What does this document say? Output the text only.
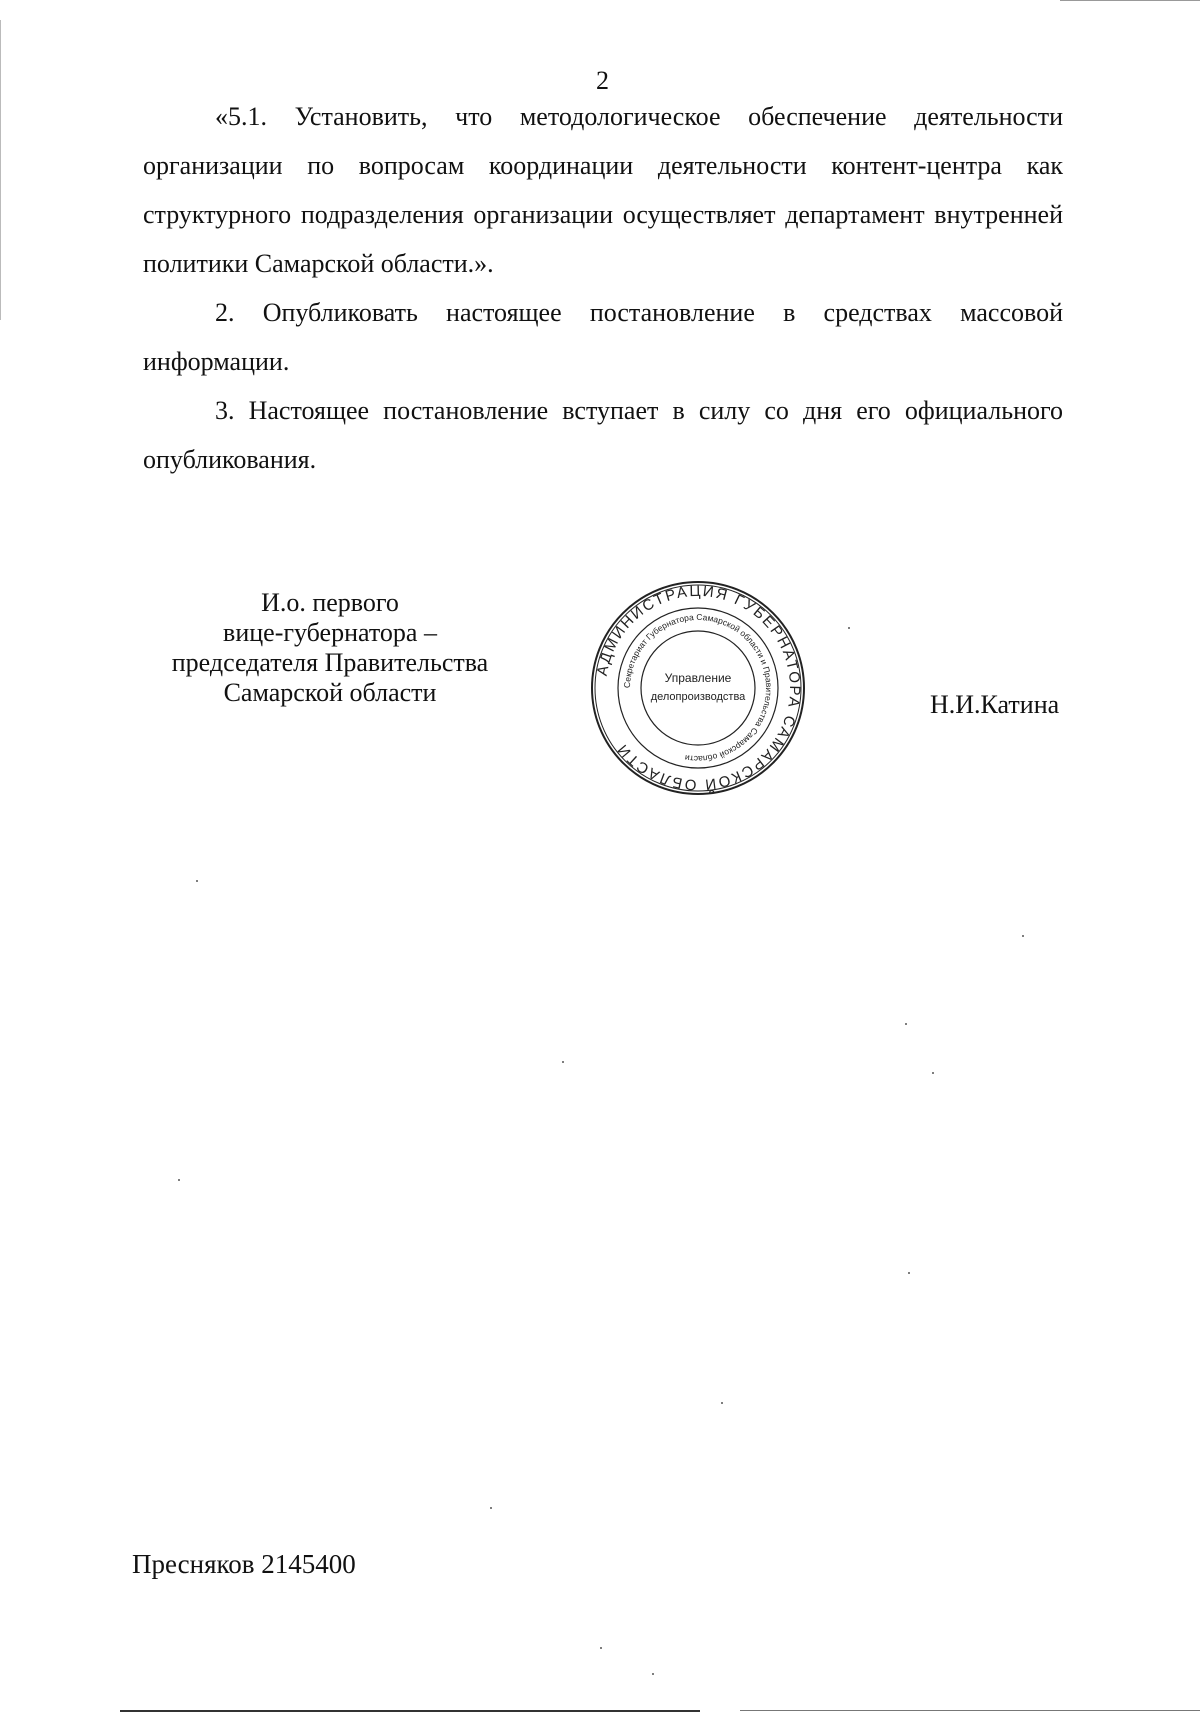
2

«5.1. Установить, что методологическое обеспечение деятельности организации по вопросам координации деятельности контент-центра как структурного подразделения организации осуществляет департамент внутренней политики Самарской области.».

2. Опубликовать настоящее постановление в средствах массовой информации.

3. Настоящее постановление вступает в силу со дня его официального опубликования.

И.о. первого
вице-губернатора –
председателя Правительства
Самарской области
АДМИНИСТРАЦИЯ ГУБЕРНАТОРА САМАРСКОЙ ОБЛАСТИ
Секретариат Губернатора Самарской области и Правительства Самарской области
Управление
делопроизводства	Н.И.Катина
Пресняков 2145400
